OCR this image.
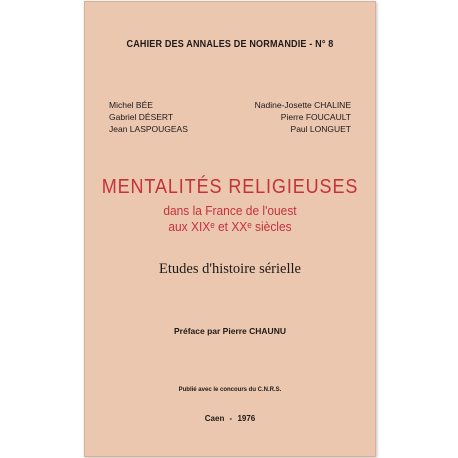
CAHIER DES ANNALES DE NORMANDIE - N° 8
Michel BÉE
Gabriel DÉSERT
Jean LASPOUGEAS
Nadine-Josette CHALINE
Pierre FOUCAULT
Paul LONGUET
MENTALITÉS RELIGIEUSES
dans la France de l'ouest
aux XIXᵉ et XXᵉ siècles
Etudes d'histoire sérielle
Préface par Pierre CHAUNU
Publié avec le concours du C.N.R.S.
Caen - 1976
